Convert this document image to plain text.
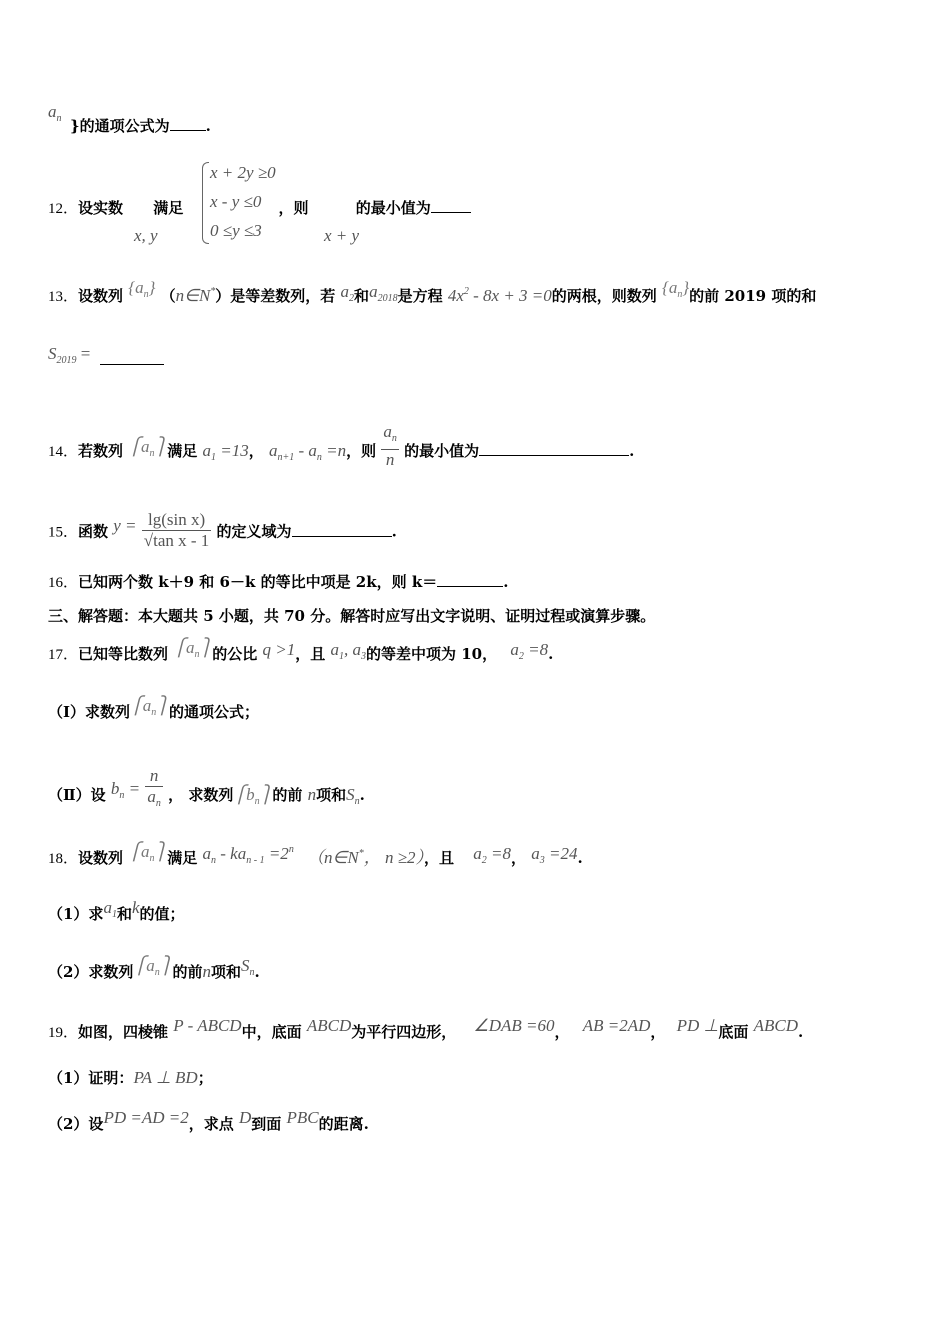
$a_n$ }的通项公式为 .
12．设实数 满足	，则	的最小值为
x, y	x + y
x + 2y ≥0
x - y ≤0
0 ≤y ≤3
13．设数列 $\{a_n\}$ （n∈N*）是等差数列，若 $a_2$和$a_{2018}$是方程 $4x^2 - 8x + 3 =0$的两根，则数列 $\{a_n\}$的前 2019 项的和
$S_{2019}$ =
14．若数列 $⎧a_n⎫$满足 $a_1 =13$， $a_{n+1} - a_n =n$，则 $\frac{a_n}{n}$ 的最小值为	.
15．函数 $y = \frac{\text{lg(sin x)}}{\text{√tan x - 1}}$ 的定义域为	.
16．已知两个数 k＋9 和 6－k 的等比中项是 2k，则 k＝	.
三、解答题：本大题共 5 小题，共 70 分。解答时应写出文字说明、证明过程或演算步骤。
17．已知等比数列 $⎧a_n⎫$的公比 q >1，且 $a_1$, $a_3$的等差中项为 10， $a_2 =8$.
（Ⅰ）求数列$⎧a_n⎫$的通项公式；
（Ⅱ）设 $b_n = \frac{n}{a_n}$ ， 求数列$⎧b_n⎫$的前 n项和$S_n$.
18．设数列 $⎧a_n⎫$满足 $a_n - ka_{n - 1} =2^n$ （n∈N*， n ≥2），且 $a_2 =8$， $a_3 =24$.
（1）求$a_1$和k的值；
（2）求数列$⎧a_n⎫$的前n项和$S_n$.
19．如图，四棱锥 P - ABCD中，底面 ABCD为平行四边形， ∠DAB =60， AB =2AD， PD ⊥底面 ABCD.
（1）证明：PA ⊥ BD；
（2）设PD =AD =2，求点 D到面 PBC的距离.
